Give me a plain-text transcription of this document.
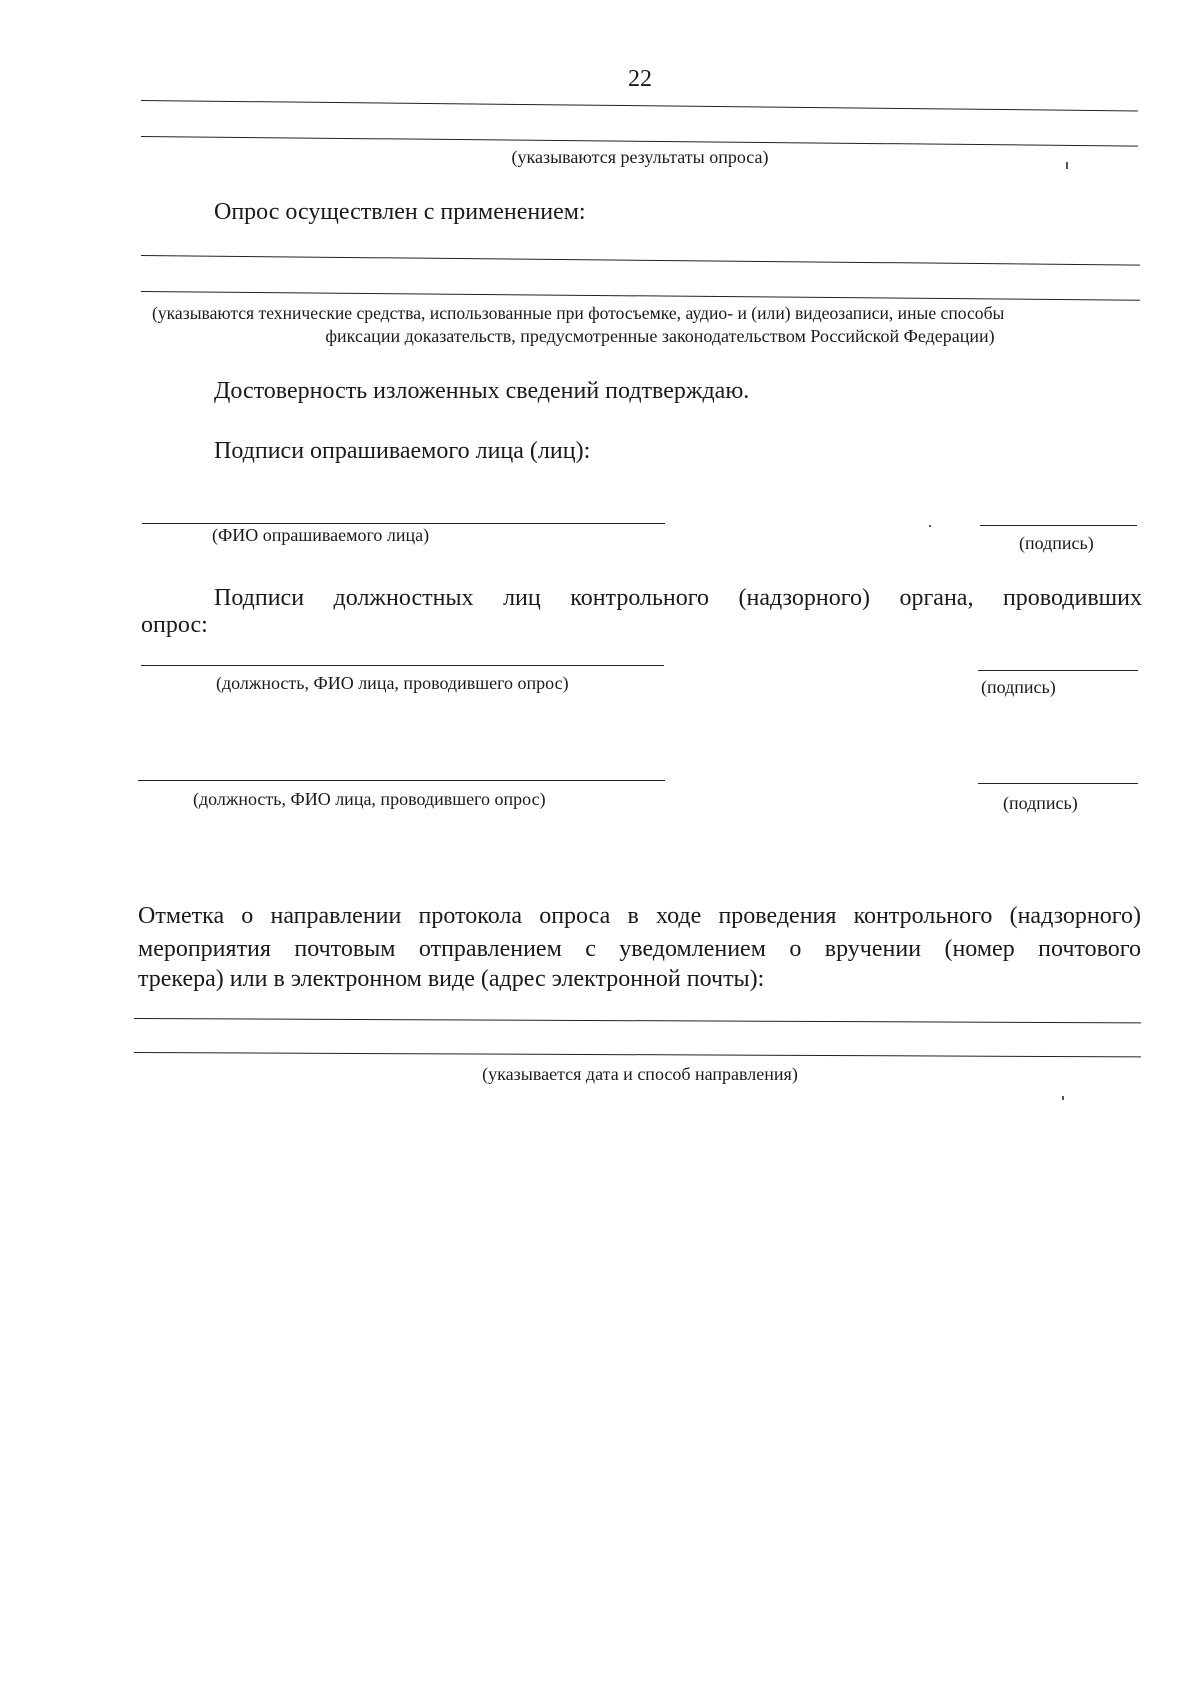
22
(указываются результаты опроса)
Опрос осуществлен с применением:
(указываются технические средства, использованные при фотосъемке, аудио- и (или) видеозаписи, иные способы
фиксации доказательств, предусмотренные законодательством Российской Федерации)
Достоверность изложенных сведений подтверждаю.
Подписи опрашиваемого лица (лиц):
(ФИО опрашиваемого лица)	(подпись)
Подписи должностных лиц контрольного (надзорного) органа, проводивших
опрос:
(должность, ФИО лица, проводившего опрос)	(подпись)
(должность, ФИО лица, проводившего опрос)	(подпись)
Отметка о направлении протокола опроса в ходе проведения контрольного (надзорного)
мероприятия почтовым отправлением с уведомлением о вручении (номер почтового
трекера) или в электронном виде (адрес электронной почты):
(указывается дата и способ направления)
